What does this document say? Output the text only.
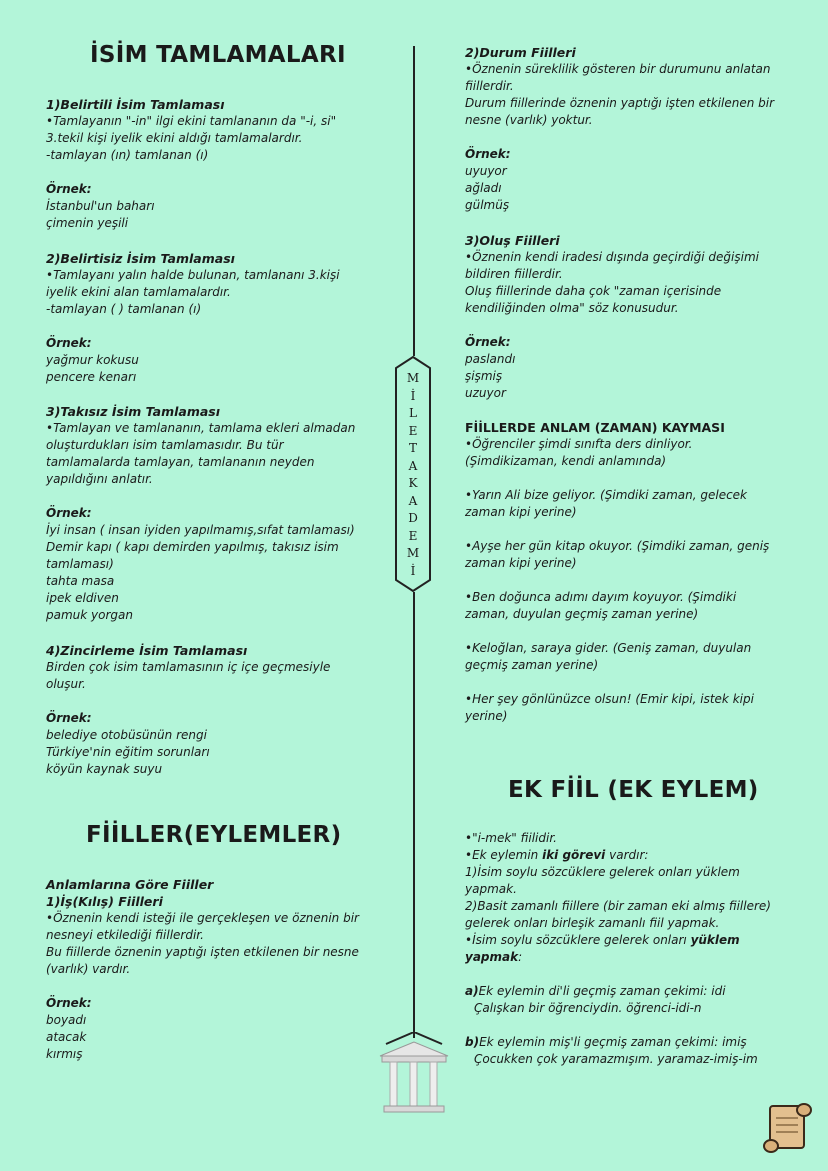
M
İ
L
E
T
A
K
A
D
E
M
İ
İSİM TAMLAMALARI

1)Belirtili İsim Tamlaması

•Tamlayanın "-in" ilgi ekini tamlananın da "-i, si"

3.tekil kişi iyelik ekini aldığı tamlamalardır.

-tamlayan (ın) tamlanan (ı)

Örnek:

İstanbul'un baharı

çimenin yeşili

2)Belirtisiz İsim Tamlaması

•Tamlayanı yalın halde bulunan, tamlananı 3.kişi

iyelik ekini alan tamlamalardır.

-tamlayan ( ) tamlanan (ı)

Örnek:

yağmur kokusu

pencere kenarı

3)Takısız İsim Tamlaması

•Tamlayan ve tamlananın, tamlama ekleri almadan

oluşturdukları isim tamlamasıdır. Bu tür

tamlamalarda tamlayan, tamlananın neyden

yapıldığını anlatır.

Örnek:

İyi insan ( insan iyiden yapılmamış,sıfat tamlaması)

Demir kapı ( kapı demirden yapılmış, takısız isim

tamlaması)

tahta masa

ipek eldiven

pamuk yorgan

4)Zincirleme İsim Tamlaması

Birden çok isim tamlamasının iç içe geçmesiyle

oluşur.

Örnek:

belediye otobüsünün rengi

Türkiye'nin eğitim sorunları

köyün kaynak suyu

FİİLLER(EYLEMLER)

Anlamlarına Göre Fiiller

1)İş(Kılış) Fiilleri

•Öznenin kendi isteği ile gerçekleşen ve öznenin bir

nesneyi etkilediği fiillerdir.

Bu fiillerde öznenin yaptığı işten etkilenen bir nesne

(varlık) vardır.

Örnek:

boyadı

atacak

kırmış

2)Durum Fiilleri

•Öznenin süreklilik gösteren bir durumunu anlatan

fiillerdir.

Durum fiillerinde öznenin yaptığı işten etkilenen bir

nesne (varlık) yoktur.

Örnek:

uyuyor

ağladı

gülmüş

3)Oluş Fiilleri

•Öznenin kendi iradesi dışında geçirdiği değişimi

bildiren fiillerdir.

Oluş fiillerinde daha çok "zaman içerisinde

kendiliğinden olma" söz konusudur.

Örnek:

paslandı

şişmiş

uzuyor

FİİLLERDE ANLAM (ZAMAN) KAYMASI

•Öğrenciler şimdi sınıfta ders dinliyor.

(Şimdikizaman, kendi anlamında)

•Yarın Ali bize geliyor. (Şimdiki zaman, gelecek

zaman kipi yerine)

•Ayşe her gün kitap okuyor. (Şimdiki zaman, geniş

zaman kipi yerine)

•Ben doğunca adımı dayım koyuyor. (Şimdiki

zaman, duyulan geçmiş zaman yerine)

•Keloğlan, saraya gider. (Geniş zaman, duyulan

geçmiş zaman yerine)

•Her şey gönlünüzce olsun! (Emir kipi, istek kipi

yerine)

EK FİİL (EK EYLEM)

•"i-mek" fiilidir.

•Ek eylemin iki görevi vardır:

1)İsim soylu sözcüklere gelerek onları yüklem

yapmak.

2)Basit zamanlı fiillere (bir zaman eki almış fiillere)

gelerek onları birleşik zamanlı fiil yapmak.

•İsim soylu sözcüklere gelerek onları yüklem

yapmak:

a)Ek eylemin di'li geçmiş zaman çekimi: idi

Çalışkan bir öğrenciydin. öğrenci-idi-n

b)Ek eylemin miş'li geçmiş zaman çekimi: imiş

Çocukken çok yaramazmışım. yaramaz-imiş-im
